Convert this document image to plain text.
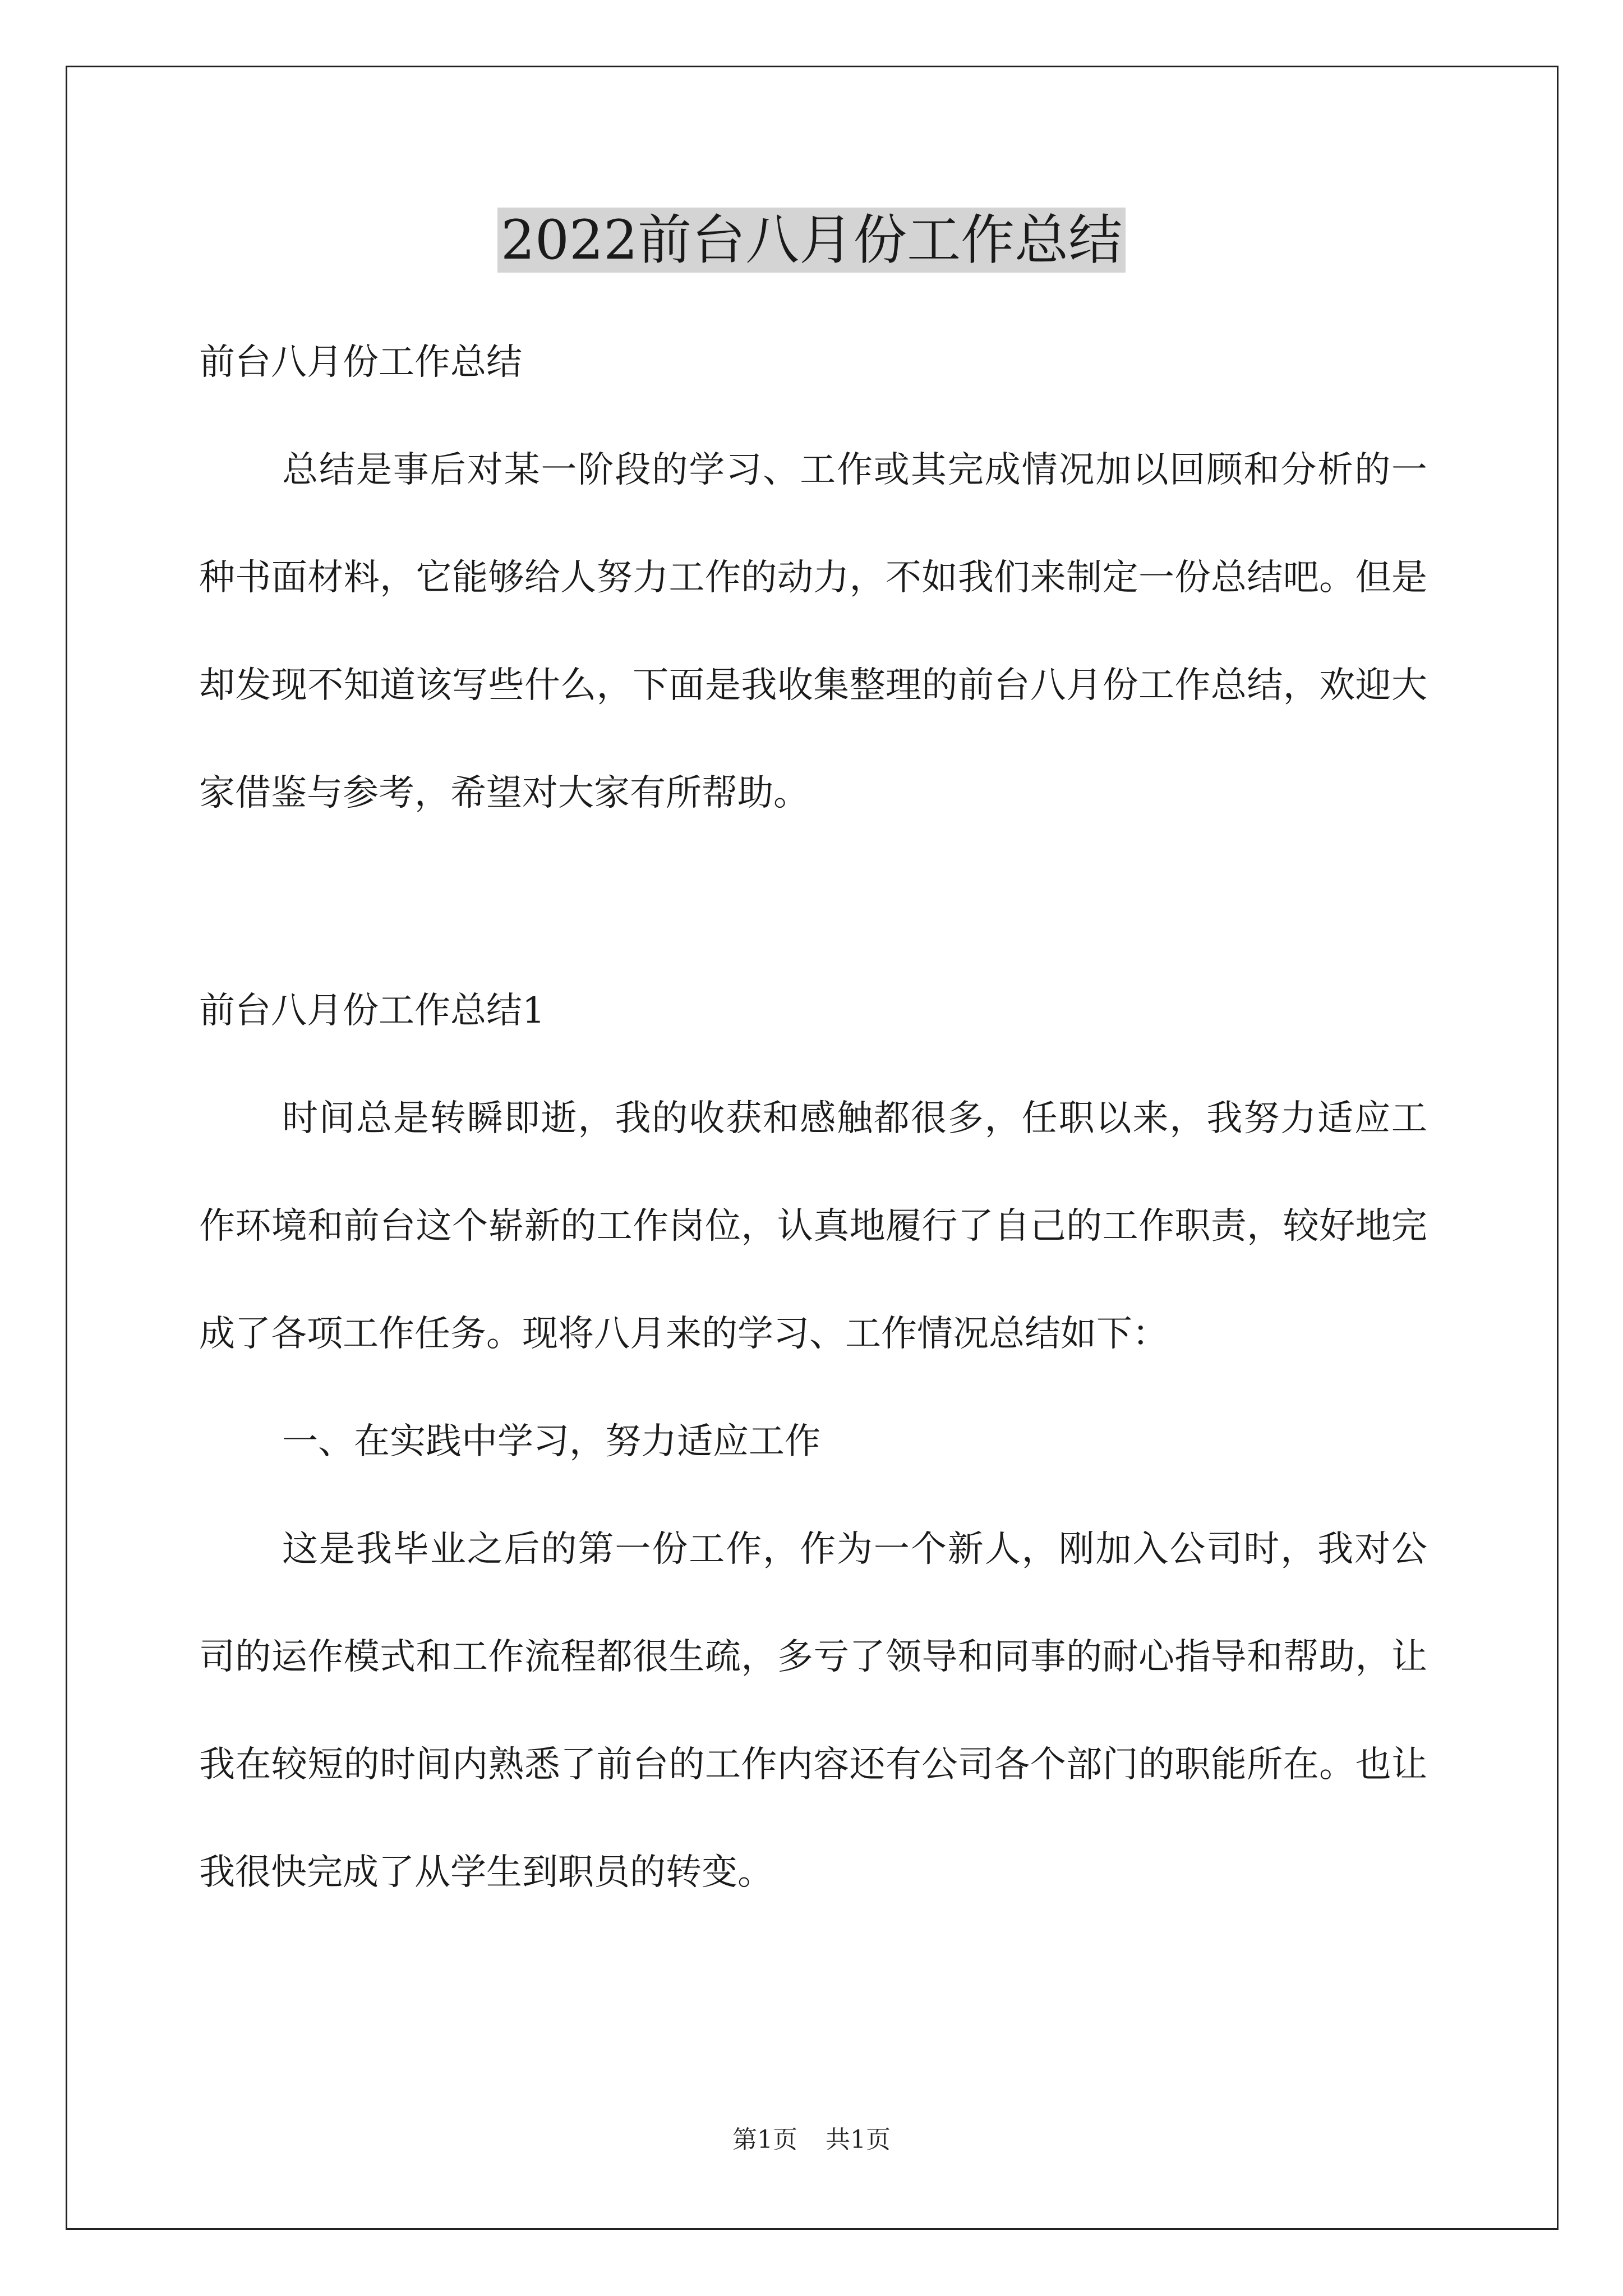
2022前台八月份工作总结

前台八月份工作总结

总结是事后对某一阶段的学习、工作或其完成情况加以回顾和分析的一种书面材料，它能够给人努力工作的动力，不如我们来制定一份总结吧。但是却发现不知道该写些什么，下面是我收集整理的前台八月份工作总结，欢迎大家借鉴与参考，希望对大家有所帮助。

前台八月份工作总结1

时间总是转瞬即逝，我的收获和感触都很多，任职以来，我努力适应工作环境和前台这个崭新的工作岗位，认真地履行了自己的工作职责，较好地完成了各项工作任务。现将八月来的学习、工作情况总结如下：

一、在实践中学习，努力适应工作

这是我毕业之后的第一份工作，作为一个新人，刚加入公司时，我对公司的运作模式和工作流程都很生疏，多亏了领导和同事的耐心指导和帮助，让我在较短的时间内熟悉了前台的工作内容还有公司各个部门的职能所在。也让我很快完成了从学生到职员的转变。

第1页 共1页
